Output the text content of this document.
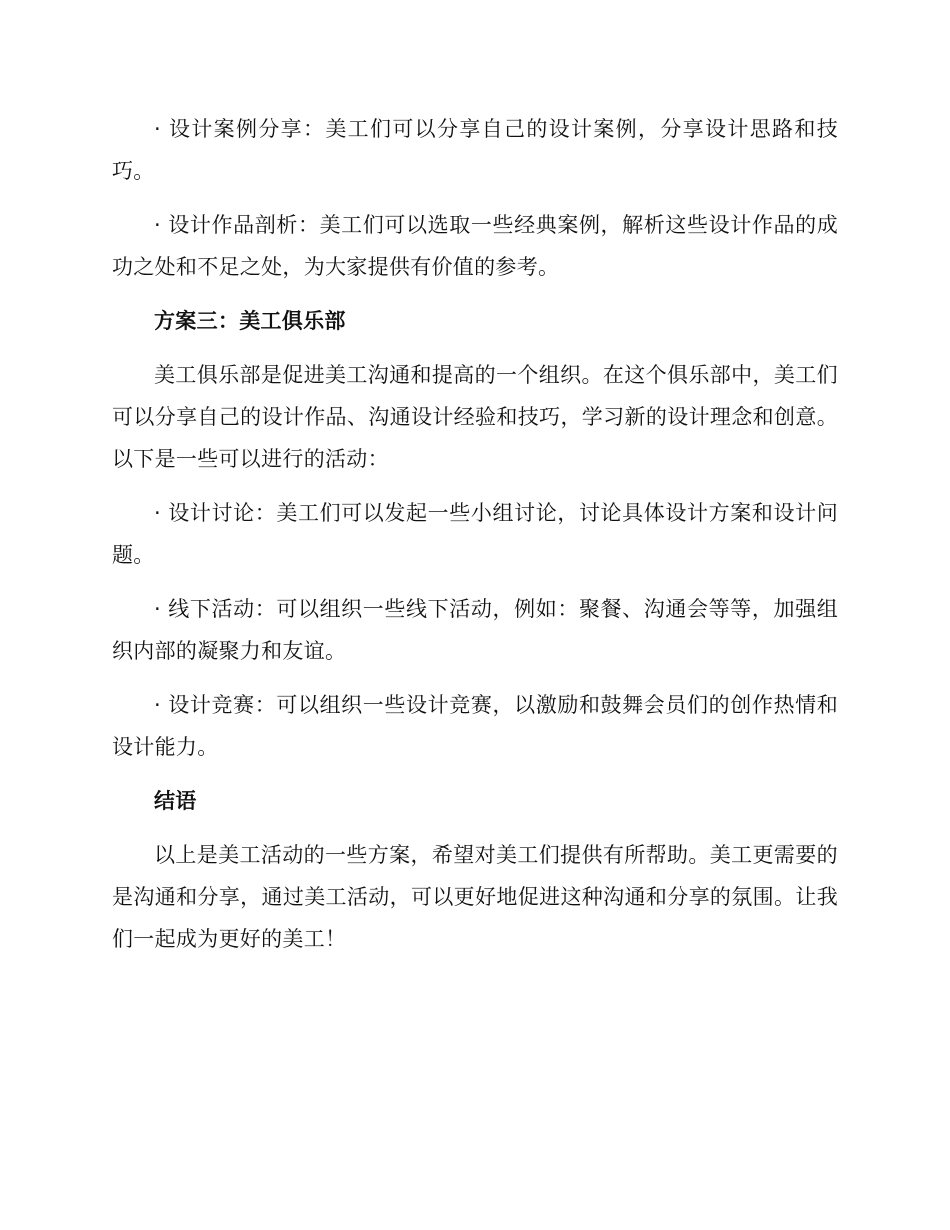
· 设计案例分享：美工们可以分享自己的设计案例，分享设计思路和技巧。

· 设计作品剖析：美工们可以选取一些经典案例，解析这些设计作品的成功之处和不足之处，为大家提供有价值的参考。

方案三：美工俱乐部

美工俱乐部是促进美工沟通和提高的一个组织。在这个俱乐部中，美工们可以分享自己的设计作品、沟通设计经验和技巧，学习新的设计理念和创意。以下是一些可以进行的活动：

· 设计讨论：美工们可以发起一些小组讨论，讨论具体设计方案和设计问题。

· 线下活动：可以组织一些线下活动，例如：聚餐、沟通会等等，加强组织内部的凝聚力和友谊。

· 设计竞赛：可以组织一些设计竞赛，以激励和鼓舞会员们的创作热情和设计能力。

结语

以上是美工活动的一些方案，希望对美工们提供有所帮助。美工更需要的是沟通和分享，通过美工活动，可以更好地促进这种沟通和分享的氛围。让我们一起成为更好的美工！
